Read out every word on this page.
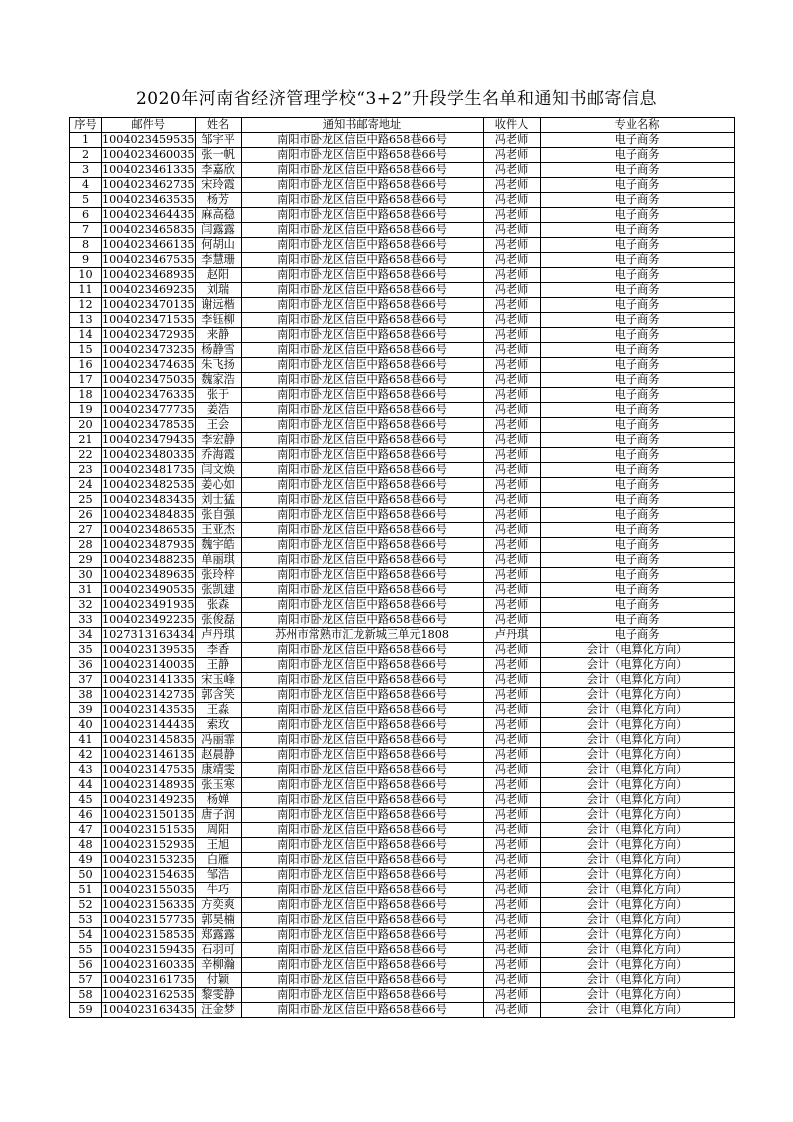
2020年河南省经济管理学校“3+2”升段学生名单和通知书邮寄信息
序号	邮件号	姓名	通知书邮寄地址	收件人	专业名称
1	1004023459535	邹宇平	南阳市卧龙区信臣中路658巷66号	冯老师	电子商务
2	1004023460035	张一帆	南阳市卧龙区信臣中路658巷66号	冯老师	电子商务
3	1004023461335	李嘉欣	南阳市卧龙区信臣中路658巷66号	冯老师	电子商务
4	1004023462735	宋玲霞	南阳市卧龙区信臣中路658巷66号	冯老师	电子商务
5	1004023463535	杨芳	南阳市卧龙区信臣中路658巷66号	冯老师	电子商务
6	1004023464435	麻高稳	南阳市卧龙区信臣中路658巷66号	冯老师	电子商务
7	1004023465835	闫露露	南阳市卧龙区信臣中路658巷66号	冯老师	电子商务
8	1004023466135	何胡山	南阳市卧龙区信臣中路658巷66号	冯老师	电子商务
9	1004023467535	李慧珊	南阳市卧龙区信臣中路658巷66号	冯老师	电子商务
10	1004023468935	赵阳	南阳市卧龙区信臣中路658巷66号	冯老师	电子商务
11	1004023469235	刘瑞	南阳市卧龙区信臣中路658巷66号	冯老师	电子商务
12	1004023470135	谢远楷	南阳市卧龙区信臣中路658巷66号	冯老师	电子商务
13	1004023471535	李钰柳	南阳市卧龙区信臣中路658巷66号	冯老师	电子商务
14	1004023472935	来静	南阳市卧龙区信臣中路658巷66号	冯老师	电子商务
15	1004023473235	杨静雪	南阳市卧龙区信臣中路658巷66号	冯老师	电子商务
16	1004023474635	朱飞扬	南阳市卧龙区信臣中路658巷66号	冯老师	电子商务
17	1004023475035	魏家浩	南阳市卧龙区信臣中路658巷66号	冯老师	电子商务
18	1004023476335	张于	南阳市卧龙区信臣中路658巷66号	冯老师	电子商务
19	1004023477735	姜浩	南阳市卧龙区信臣中路658巷66号	冯老师	电子商务
20	1004023478535	王会	南阳市卧龙区信臣中路658巷66号	冯老师	电子商务
21	1004023479435	李宏静	南阳市卧龙区信臣中路658巷66号	冯老师	电子商务
22	1004023480335	乔海霞	南阳市卧龙区信臣中路658巷66号	冯老师	电子商务
23	1004023481735	闫文焕	南阳市卧龙区信臣中路658巷66号	冯老师	电子商务
24	1004023482535	姜心如	南阳市卧龙区信臣中路658巷66号	冯老师	电子商务
25	1004023483435	刘士猛	南阳市卧龙区信臣中路658巷66号	冯老师	电子商务
26	1004023484835	张自强	南阳市卧龙区信臣中路658巷66号	冯老师	电子商务
27	1004023486535	王亚杰	南阳市卧龙区信臣中路658巷66号	冯老师	电子商务
28	1004023487935	魏宇皓	南阳市卧龙区信臣中路658巷66号	冯老师	电子商务
29	1004023488235	单丽琪	南阳市卧龙区信臣中路658巷66号	冯老师	电子商务
30	1004023489635	张玲梓	南阳市卧龙区信臣中路658巷66号	冯老师	电子商务
31	1004023490535	张凯建	南阳市卧龙区信臣中路658巷66号	冯老师	电子商务
32	1004023491935	张森	南阳市卧龙区信臣中路658巷66号	冯老师	电子商务
33	1004023492235	张俊磊	南阳市卧龙区信臣中路658巷66号	冯老师	电子商务
34	1027313163434	卢丹琪	苏州市常熟市汇龙新城三单元1808	卢丹琪	电子商务
35	1004023139535	李香	南阳市卧龙区信臣中路658巷66号	冯老师	会计（电算化方向）
36	1004023140035	王静	南阳市卧龙区信臣中路658巷66号	冯老师	会计（电算化方向）
37	1004023141335	宋玉峰	南阳市卧龙区信臣中路658巷66号	冯老师	会计（电算化方向）
38	1004023142735	郭含笑	南阳市卧龙区信臣中路658巷66号	冯老师	会计（电算化方向）
39	1004023143535	王淼	南阳市卧龙区信臣中路658巷66号	冯老师	会计（电算化方向）
40	1004023144435	索玫	南阳市卧龙区信臣中路658巷66号	冯老师	会计（电算化方向）
41	1004023145835	冯丽霏	南阳市卧龙区信臣中路658巷66号	冯老师	会计（电算化方向）
42	1004023146135	赵晨静	南阳市卧龙区信臣中路658巷66号	冯老师	会计（电算化方向）
43	1004023147535	康靖雯	南阳市卧龙区信臣中路658巷66号	冯老师	会计（电算化方向）
44	1004023148935	张玉寒	南阳市卧龙区信臣中路658巷66号	冯老师	会计（电算化方向）
45	1004023149235	杨婵	南阳市卧龙区信臣中路658巷66号	冯老师	会计（电算化方向）
46	1004023150135	唐子润	南阳市卧龙区信臣中路658巷66号	冯老师	会计（电算化方向）
47	1004023151535	周阳	南阳市卧龙区信臣中路658巷66号	冯老师	会计（电算化方向）
48	1004023152935	王旭	南阳市卧龙区信臣中路658巷66号	冯老师	会计（电算化方向）
49	1004023153235	白雁	南阳市卧龙区信臣中路658巷66号	冯老师	会计（电算化方向）
50	1004023154635	邹浩	南阳市卧龙区信臣中路658巷66号	冯老师	会计（电算化方向）
51	1004023155035	牛巧	南阳市卧龙区信臣中路658巷66号	冯老师	会计（电算化方向）
52	1004023156335	方奕爽	南阳市卧龙区信臣中路658巷66号	冯老师	会计（电算化方向）
53	1004023157735	郭昊楠	南阳市卧龙区信臣中路658巷66号	冯老师	会计（电算化方向）
54	1004023158535	郑露露	南阳市卧龙区信臣中路658巷66号	冯老师	会计（电算化方向）
55	1004023159435	石羽可	南阳市卧龙区信臣中路658巷66号	冯老师	会计（电算化方向）
56	1004023160335	辛柳瀚	南阳市卧龙区信臣中路658巷66号	冯老师	会计（电算化方向）
57	1004023161735	付颖	南阳市卧龙区信臣中路658巷66号	冯老师	会计（电算化方向）
58	1004023162535	黎雯静	南阳市卧龙区信臣中路658巷66号	冯老师	会计（电算化方向）
59	1004023163435	汪金梦	南阳市卧龙区信臣中路658巷66号	冯老师	会计（电算化方向）
